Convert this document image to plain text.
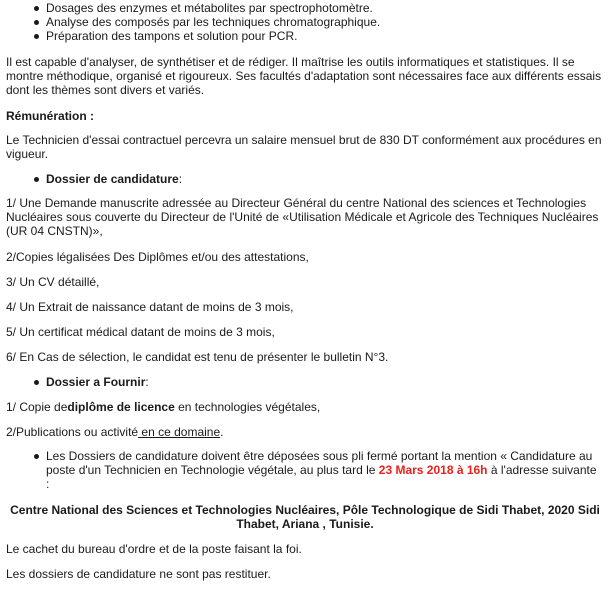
Dosages des enzymes et métabolites par spectrophotomètre.
Analyse des composés par les techniques chromatographique.
Préparation des tampons et solution pour PCR.

Il est capable d'analyser, de synthétiser et de rédiger. Il maîtrise les outils informatiques et statistiques. Il se montre méthodique, organisé et rigoureux. Ses facultés d'adaptation sont nécessaires face aux différents essais dont les thèmes sont divers et variés.

Rémunération :

Le Technicien d'essai contractuel percevra un salaire mensuel brut de 830 DT conformément aux procédures en vigueur.

Dossier de candidature:

1/ Une Demande manuscrite adressée au Directeur Général du centre National des sciences et Technologies Nucléaires sous couverte du Directeur de l'Unité de «Utilisation Médicale et Agricole des Techniques Nucléaires (UR 04 CNSTN)»,

2/Copies légalisées Des Diplômes et/ou des attestations,

3/ Un CV détaillé,

4/ Un Extrait de naissance datant de moins de 3 mois,

5/ Un certificat médical datant de moins de 3 mois,

6/ En Cas de sélection, le candidat est tenu de présenter le bulletin N°3.

Dossier a Fournir:

1/ Copie dediplôme de licence en technologies végétales,

2/Publications ou activité en ce domaine.

Les Dossiers de candidature doivent être déposées sous pli fermé portant la mention « Candidature au poste d'un Technicien en Technologie végétale, au plus tard le 23 Mars 2018 à 16h à l'adresse suivante :

Centre National des Sciences et Technologies Nucléaires, Pôle Technologique de Sidi Thabet, 2020 Sidi Thabet, Ariana , Tunisie.

Le cachet du bureau d'ordre et de la poste faisant la foi.

Les dossiers de candidature ne sont pas restituer.
